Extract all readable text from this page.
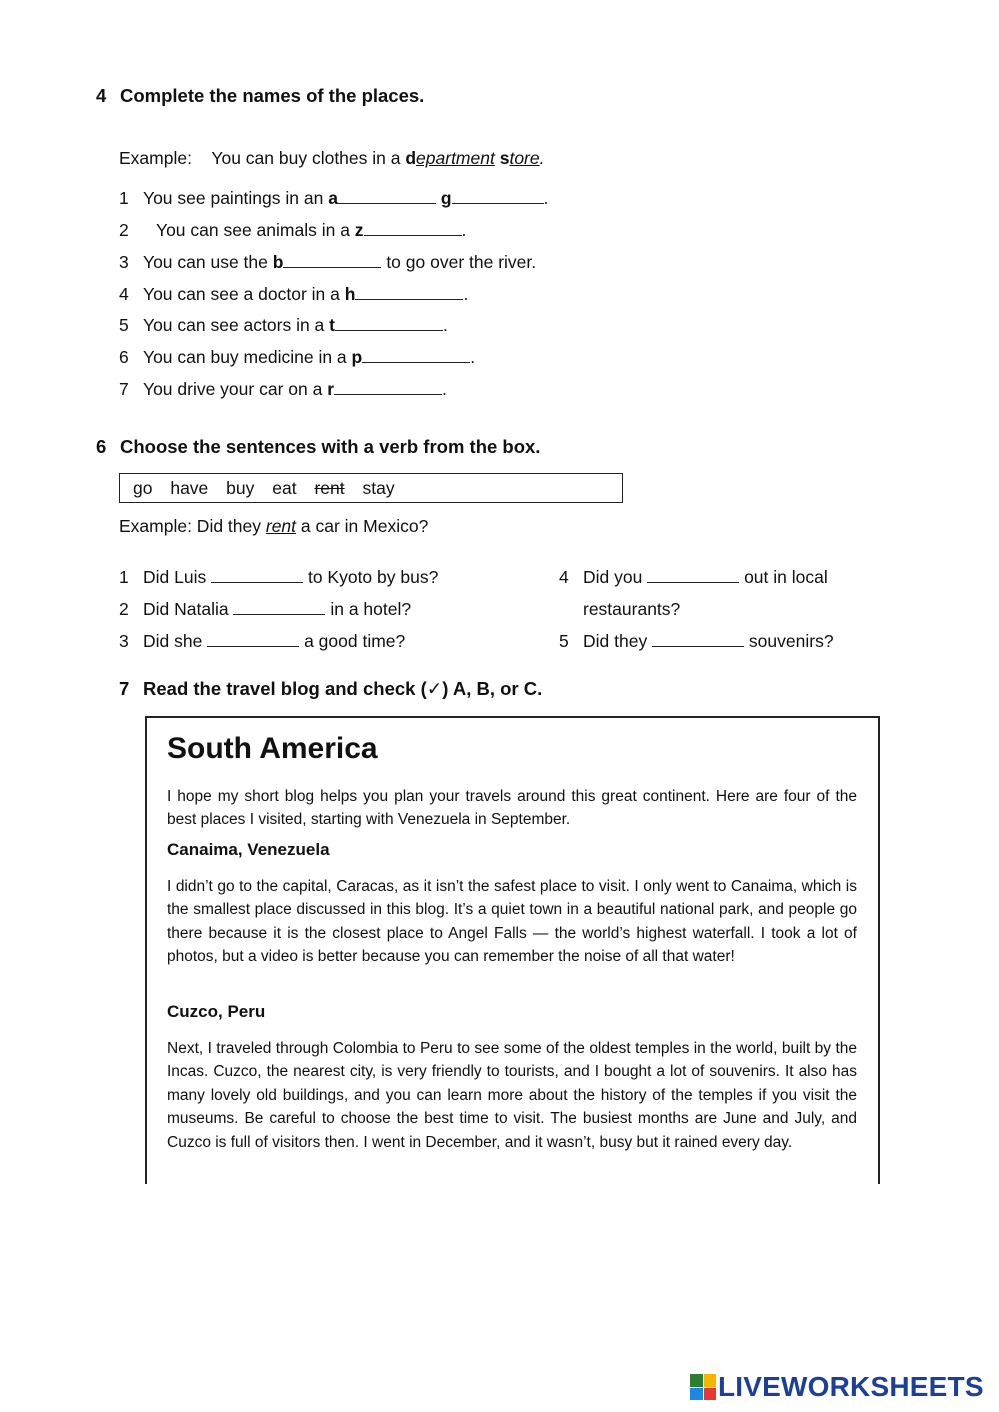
4 Complete the names of the places.
Example: You can buy clothes in a department store.
1 You see paintings in an a	g	.
2 You can see animals in a z	.
3 You can use the b	to go over the river.
4 You can see a doctor in a h	.
5 You can see actors in a t	.
6 You can buy medicine in a p	.
7 You drive your car on a r	.
6 Choose the sentences with a verb from the box.
go have buy eat rent stay
Example: Did they rent a car in Mexico?
1 Did Luis	to Kyoto by bus?
2 Did Natalia	in a hotel?
3 Did she	a good time?
4 Did you	out in local
restaurants?
5 Did they	souvenirs?
7 Read the travel blog and check (✓) A, B, or C.
South America
I hope my short blog helps you plan your travels around this great continent. Here are four of the best places I visited, starting with Venezuela in September.
Canaima, Venezuela
I didn’t go to the capital, Caracas, as it isn’t the safest place to visit. I only went to Canaima, which is the smallest place discussed in this blog. It’s a quiet town in a beautiful national park, and people go there because it is the closest place to Angel Falls — the world’s highest waterfall. I took a lot of photos, but a video is better because you can remember the noise of all that water!
Cuzco, Peru
Next, I traveled through Colombia to Peru to see some of the oldest temples in the world, built by the Incas. Cuzco, the nearest city, is very friendly to tourists, and I bought a lot of souvenirs. It also has many lovely old buildings, and you can learn more about the history of the temples if you visit the museums. Be careful to choose the best time to visit. The busiest months are June and July, and Cuzco is full of visitors then. I went in December, and it wasn’t, busy but it rained every day.
LIVEWORKSHEETS
